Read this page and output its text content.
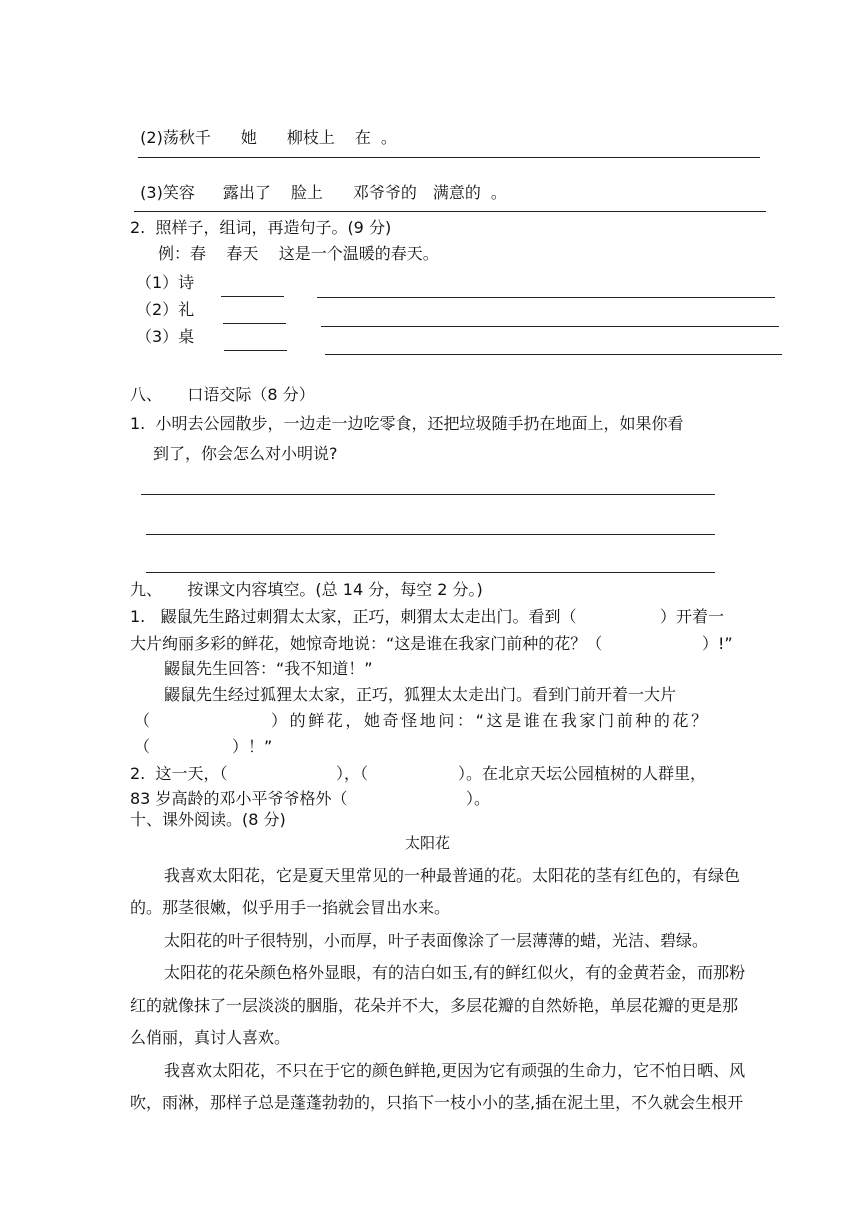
(2)荡秋千 她 柳枝上 在 。

(3)笑容 露出了 脸上 邓爷爷的 满意的 。

2.  照样子，组词，再造句子。(9 分)
例：春    春天    这是一个温暖的春天。
（1）诗
（2）礼
（3）桌
八、     口语交际（8 分）
1.  小明去公园散步，一边走一边吃零食，还把垃圾随手扔在地面上，如果你看
到了，你会怎么对小明说?
九、     按课文内容填空。(总 14 分，每空 2 分。)
1.   鼹鼠先生路过刺猬太太家，正巧，刺猬太太走出门。看到（	）开着一
大片绚丽多彩的鲜花，她惊奇地说：“这是谁在我家门前种的花？（	）!”
鼹鼠先生回答：“我不知道！”
鼹鼠先生经过狐狸太太家，正巧，狐狸太太走出门。看到门前开着一大片
（	）的鲜花，她奇怪地问：“这是谁在我家门前种的花？
（	）！”
2.  这一天，（	），（	）。在北京天坛公园植树的人群里，
83 岁高龄的邓小平爷爷格外（	）。
十、课外阅读。(8 分)
太阳花
我喜欢太阳花，它是夏天里常见的一种最普通的花。太阳花的茎有红色的，有绿色
的。那茎很嫩，似乎用手一掐就会冒出水来。
太阳花的叶子很特别，小而厚，叶子表面像涂了一层薄薄的蜡，光洁、碧绿。
太阳花的花朵颜色格外显眼，有的洁白如玉,有的鲜红似火，有的金黄若金，而那粉
红的就像抹了一层淡淡的胭脂，花朵并不大，多层花瓣的自然娇艳，单层花瓣的更是那
么俏丽，真讨人喜欢。
我喜欢太阳花，不只在于它的颜色鲜艳,更因为它有顽强的生命力，它不怕日晒、风
吹，雨淋，那样子总是蓬蓬勃勃的，只掐下一枝小小的茎,插在泥土里，不久就会生根开
